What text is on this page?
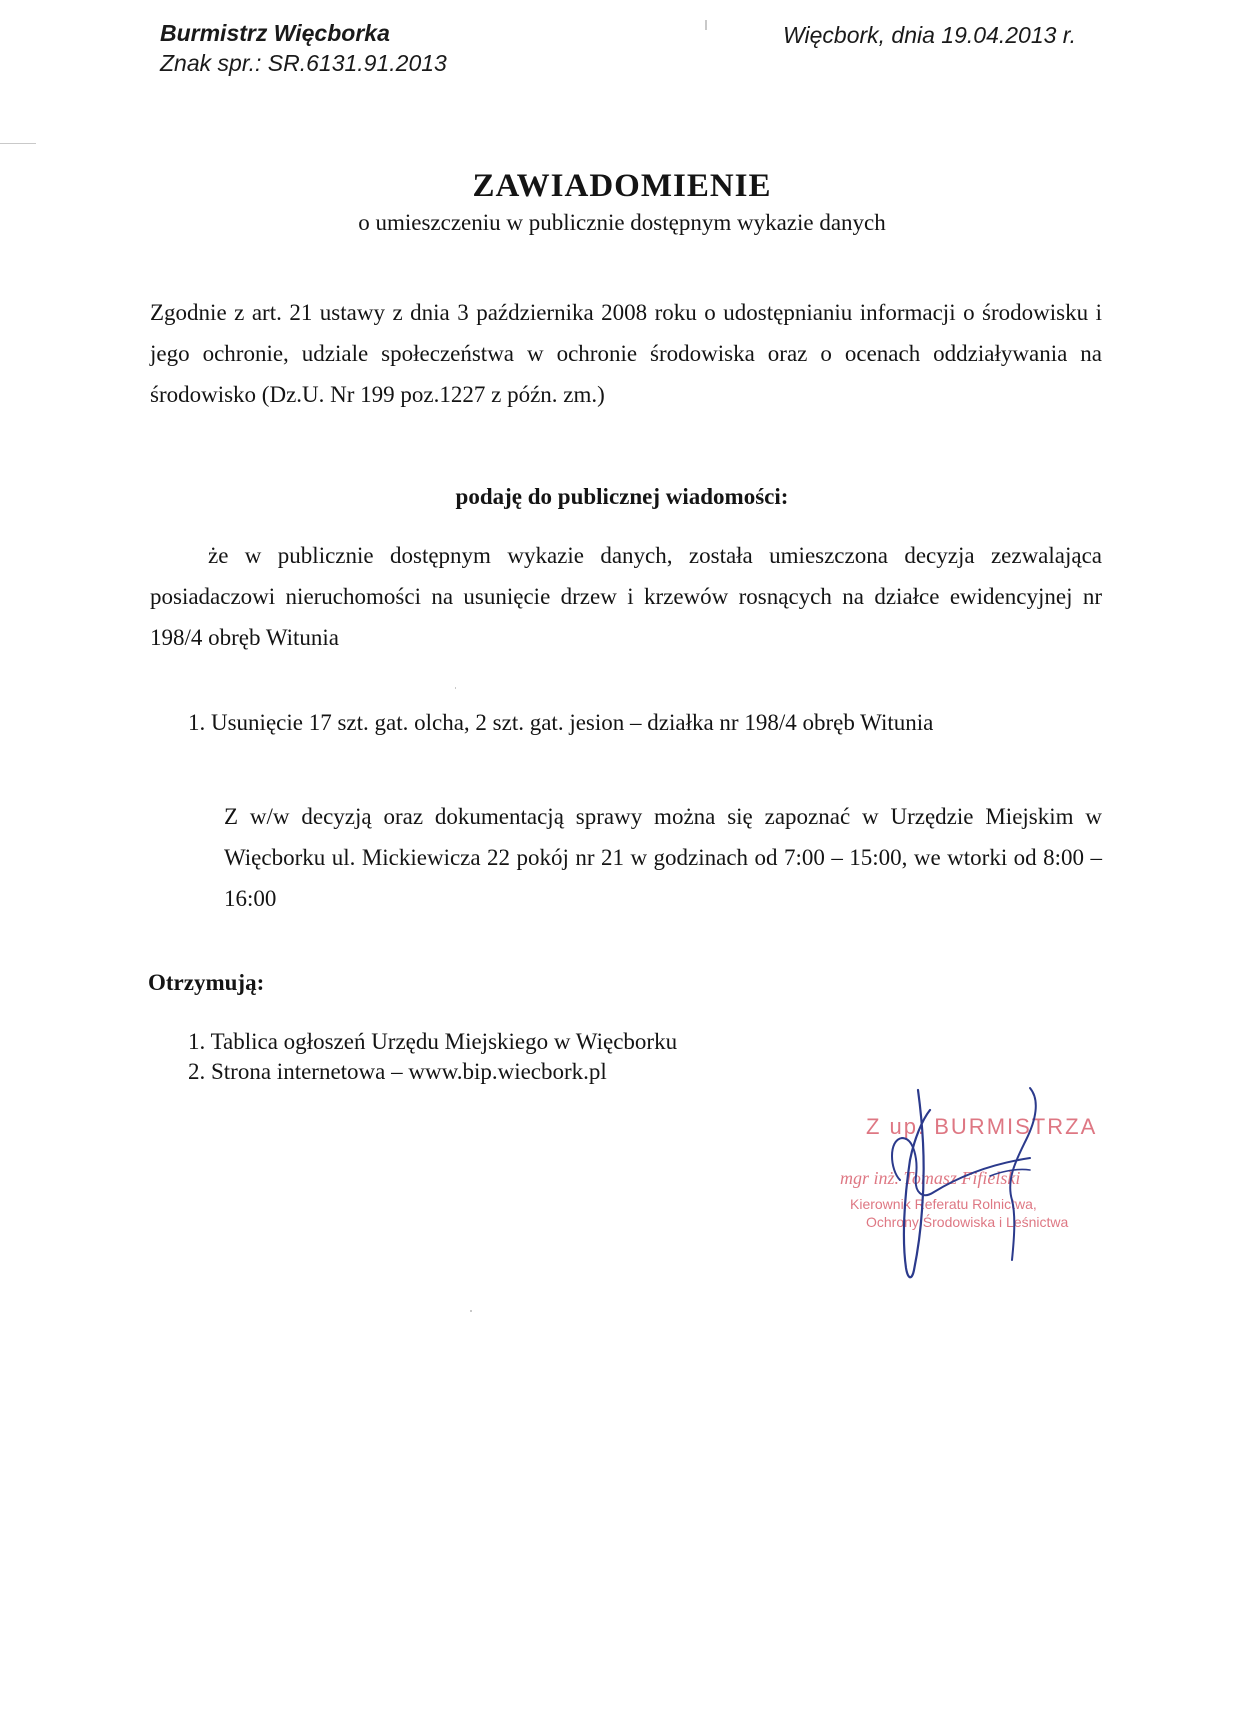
Burmistrz Więcborka
Znak spr.: SR.6131.91.2013
Więcbork, dnia 19.04.2013 r.
ZAWIADOMIENIE
o umieszczeniu w publicznie dostępnym wykazie danych
Zgodnie z art. 21 ustawy z dnia 3 października 2008 roku o udostępnianiu informacji o środowisku i jego ochronie, udziale społeczeństwa w ochronie środowiska oraz o ocenach oddziaływania na środowisko (Dz.U. Nr 199 poz.1227 z późn. zm.)
podaję do publicznej wiadomości:
że w publicznie dostępnym wykazie danych, została umieszczona decyzja zezwalająca posiadaczowi nieruchomości na usunięcie drzew i krzewów rosnących na działce ewidencyjnej nr 198/4 obręb Witunia
1. Usunięcie 17 szt. gat. olcha, 2 szt. gat. jesion – działka nr 198/4 obręb Witunia
Z w/w decyzją oraz dokumentacją sprawy można się zapoznać w Urzędzie Miejskim w Więcborku ul. Mickiewicza 22 pokój nr 21 w godzinach od 7:00 – 15:00, we wtorki od 8:00 – 16:00
Otrzymują:
1. Tablica ogłoszeń Urzędu Miejskiego w Więcborku
2. Strona internetowa – www.bip.wiecbork.pl
Z up. BURMISTRZA
mgr inż. Tomasz Fifielski
Kierownik Referatu Rolnictwa,
Ochrony Środowiska i Leśnictwa
